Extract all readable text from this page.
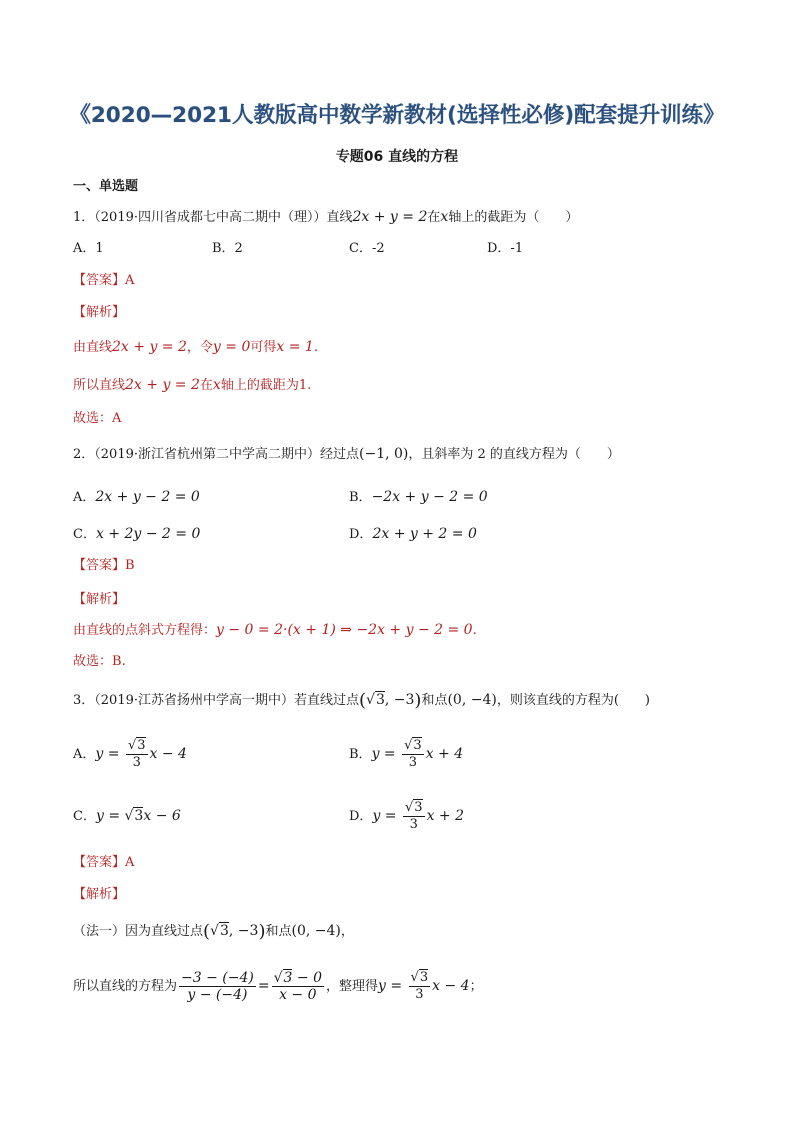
《2020—2021人教版高中数学新教材(选择性必修)配套提升训练》
专题06 直线的方程
一、单选题
1．（2019·四川省成都七中高二期中（理））直线2x + y = 2在x轴上的截距为（　　）
A．1	B．2	C．-2	D．-1
【答案】A
【解析】
由直线2x + y = 2，令y = 0可得x = 1.
所以直线2x + y = 2在x轴上的截距为1.
故选：A
2．（2019·浙江省杭州第二中学高二期中）经过点(−1, 0)，且斜率为 2 的直线方程为（　　）
A．2x + y − 2 = 0	B．−2x + y − 2 = 0
C．x + 2y − 2 = 0	D．2x + y + 2 = 0
【答案】B
【解析】
由直线的点斜式方程得：y − 0 = 2·(x + 1) ⇒ −2x + y − 2 = 0.
故选：B.
3．（2019·江苏省扬州中学高一期中）若直线过点(√3, −3)和点(0, −4)，则该直线的方程为(　　)
A．$y = \frac{√3}{3}$ x − 4	B．$y = \frac{√3}{3}$ x + 4
C．y = √3x − 6	D．$y = \frac{√3}{3}$ x + 2
【答案】A
【解析】
（法一）因为直线过点(√3, −3)和点(0, −4)，
所以直线的方程为 $\frac{-3 - (-4)}{y - (-4)} = \frac{√3 - 0}{x - 0}$ ，整理得$y = \frac{√3}{3}$ x − 4；
